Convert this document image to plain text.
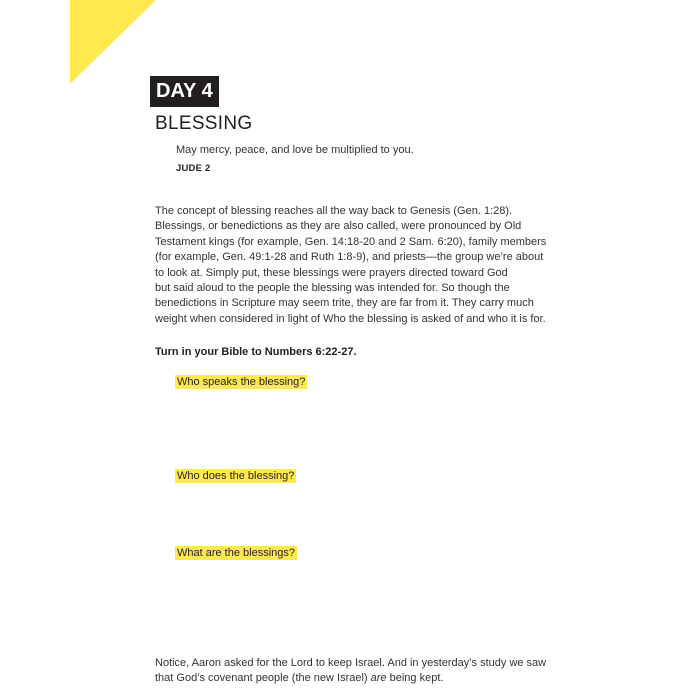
DAY 4
BLESSING
May mercy, peace, and love be multiplied to you.
JUDE 2
The concept of blessing reaches all the way back to Genesis (Gen. 1:28).
Blessings, or benedictions as they are also called, were pronounced by Old
Testament kings (for example, Gen. 14:18-20 and 2 Sam. 6:20), family members
(for example, Gen. 49:1-28 and Ruth 1:8-9), and priests—the group we’re about
to look at. Simply put, these blessings were prayers directed toward God
but said aloud to the people the blessing was intended for. So though the
benedictions in Scripture may seem trite, they are far from it. They carry much
weight when considered in light of Who the blessing is asked of and who it is for.
Turn in your Bible to Numbers 6:22-27.
Who speaks the blessing?
Who does the blessing?
What are the blessings?
Notice, Aaron asked for the Lord to keep Israel. And in yesterday’s study we saw
that God’s covenant people (the new Israel) are being kept.
